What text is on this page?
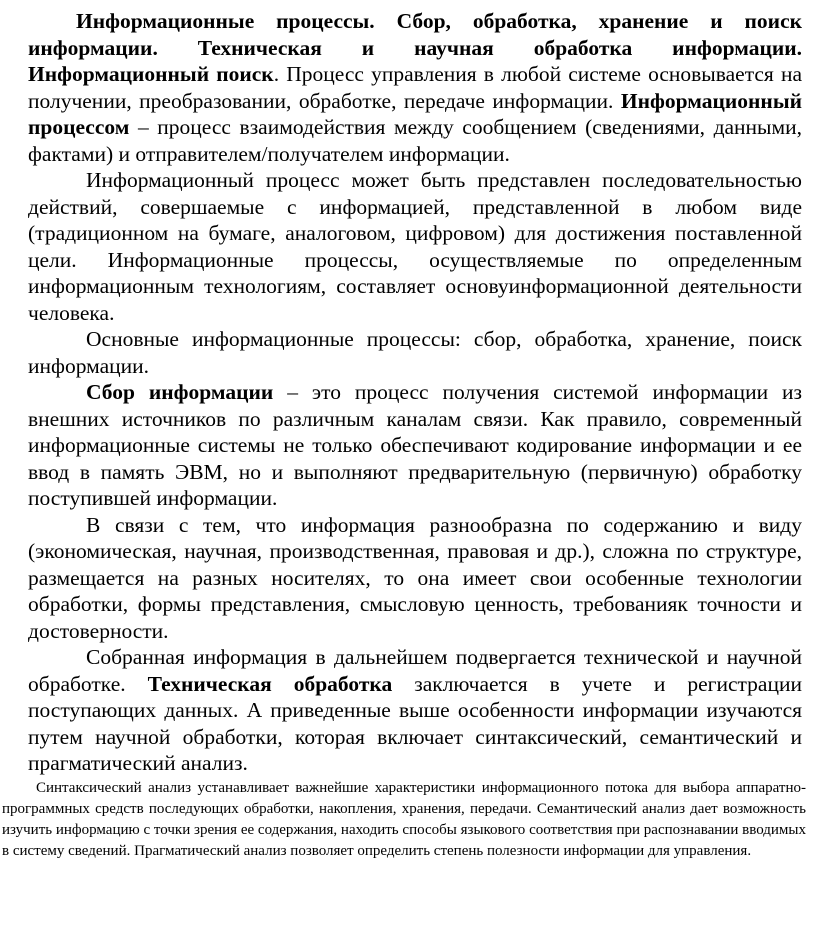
Информационные процессы. Сбор, обработка, хранение и поиск информации. Техническая и научная обработка информации. Информационный поиск. Процесс управления в любой системе основывается на получении, преобразовании, обработке, передаче информации. Информационный процессом – процесс взаимодействия между сообщением (сведениями, данными, фактами) и отправителем/получателем информации.

Информационный процесс может быть представлен последовательностью действий, совершаемые с информацией, представленной в любом виде (традиционном на бумаге, аналоговом, цифровом) для достижения поставленной цели. Информационные процессы, осуществляемые по определенным информационным технологиям, составляет основуинформационной деятельности человека.

Основные информационные процессы: сбор, обработка, хранение, поиск информации.

Сбор информации – это процесс получения системой информации из внешних источников по различным каналам связи. Как правило, современный информационные системы не только обеспечивают кодирование информации и ее ввод в память ЭВМ, но и выполняют предварительную (первичную) обработку поступившей информации.

В связи с тем, что информация разнообразна по содержанию и виду (экономическая, научная, производственная, правовая и др.), сложна по структуре, размещается на разных носителях, то она имеет свои особенные технологии обработки, формы представления, смысловую ценность, требованияк точности и достоверности.

Собранная информация в дальнейшем подвергается технической и научной обработке. Техническая обработка заключается в учете и регистрации поступающих данных. А приведенные выше особенности информации изучаются путем научной обработки, которая включает синтаксический, семантический и прагматический анализ.

Синтаксический анализ устанавливает важнейшие характеристики информационного потока для выбора аппаратно-программных средств последующих обработки, накопления, хранения, передачи. Семантический анализ дает возможность изучить информацию с точки зрения ее содержания, находить способы языкового соответствия при распознавании вводимых в систему сведений. Прагматический анализ позволяет определить степень полезности информации для управления.
